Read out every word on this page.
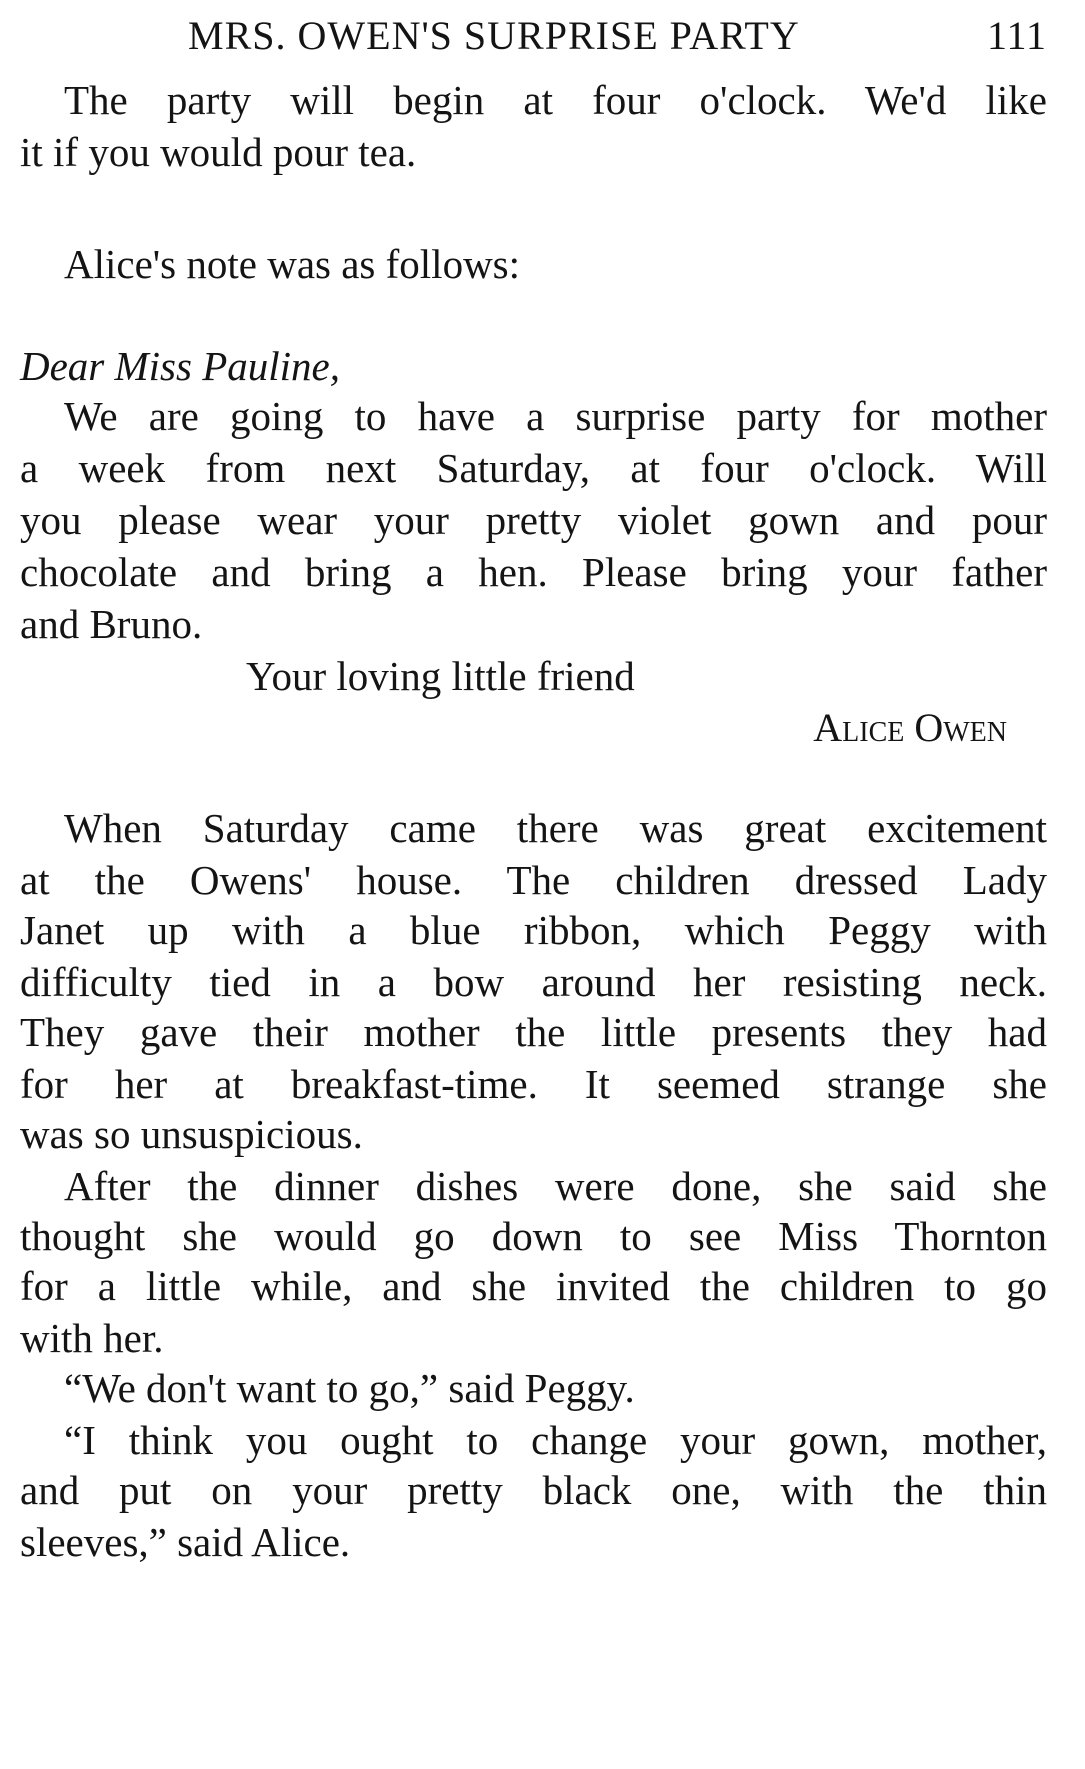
MRS. OWEN'S SURPRISE PARTY	111
The party will begin at four o'clock. We'd like
it if you would pour tea.
Alice's note was as follows:
Dear Miss Pauline,
We are going to have a surprise party for mother
a week from next Saturday, at four o'clock. Will
you please wear your pretty violet gown and pour
chocolate and bring a hen. Please bring your father
and Bruno.
Your loving little friend
Alice Owen
When Saturday came there was great excitement
at the Owens' house. The children dressed Lady
Janet up with a blue ribbon, which Peggy with
difficulty tied in a bow around her resisting neck.
They gave their mother the little presents they had
for her at breakfast-time. It seemed strange she
was so unsuspicious.
After the dinner dishes were done, she said she
thought she would go down to see Miss Thornton
for a little while, and she invited the children to go
with her.
“We don't want to go,” said Peggy.
“I think you ought to change your gown, mother,
and put on your pretty black one, with the thin
sleeves,” said Alice.
